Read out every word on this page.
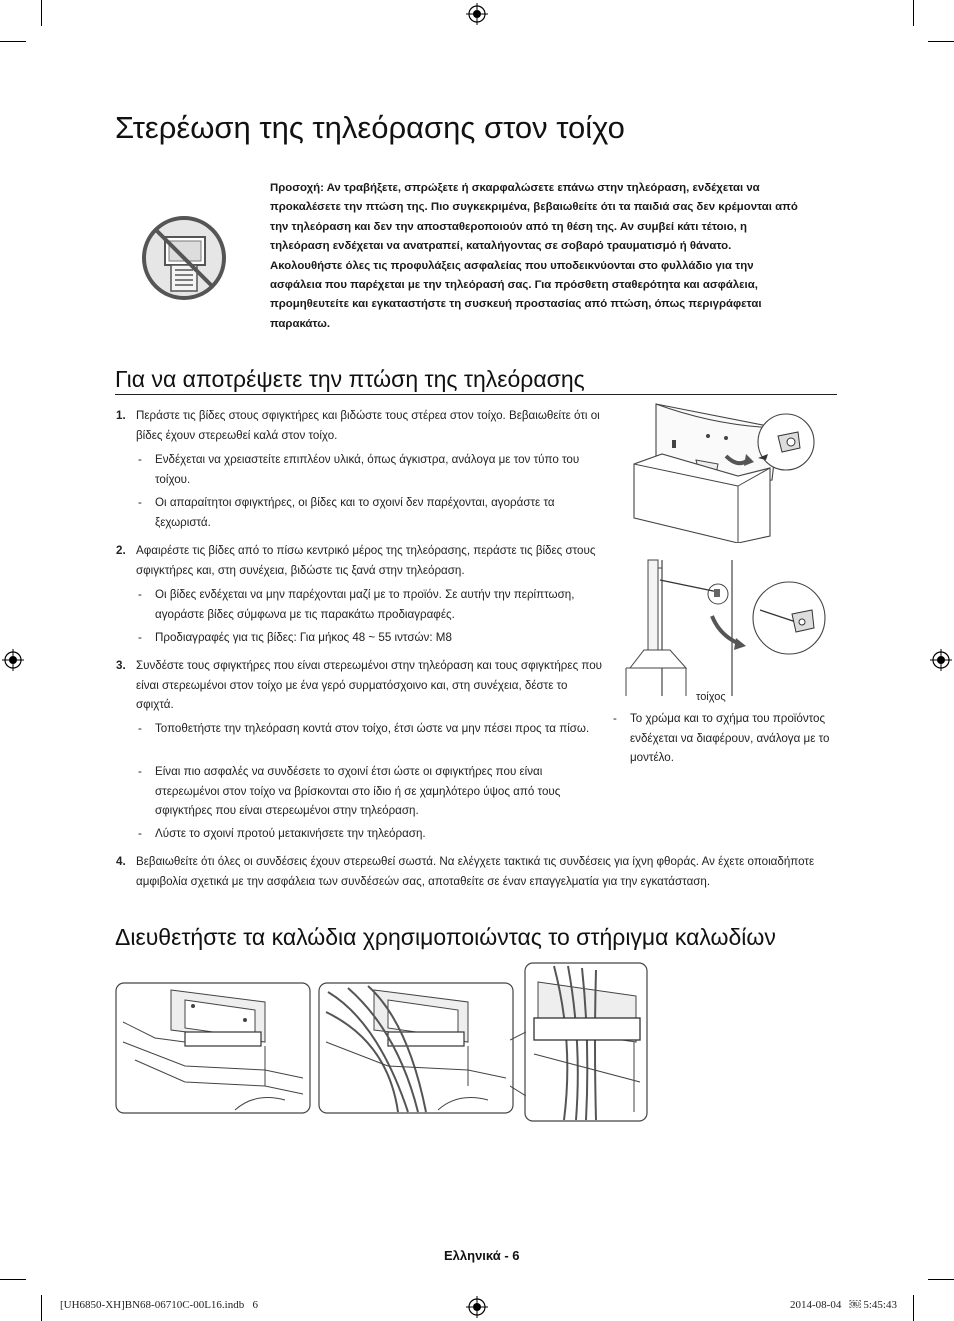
Στερέωση της τηλεόρασης στον τοίχο
Προσοχή: Αν τραβήξετε, σπρώξετε ή σκαρφαλώσετε επάνω στην τηλεόραση, ενδέχεται να προκαλέσετε την πτώση της. Πιο συγκεκριμένα, βεβαιωθείτε ότι τα παιδιά σας δεν κρέμονται από την τηλεόραση και δεν την αποσταθεροποιούν από τη θέση της. Αν συμβεί κάτι τέτοιο, η τηλεόραση ενδέχεται να ανατραπεί, καταλήγοντας σε σοβαρό τραυματισμό ή θάνατο. Ακολουθήστε όλες τις προφυλάξεις ασφαλείας που υποδεικνύονται στο φυλλάδιο για την ασφάλεια που παρέχεται με την τηλεόρασή σας. Για πρόσθετη σταθερότητα και ασφάλεια, προμηθευτείτε και εγκαταστήστε τη συσκευή προστασίας από πτώση, όπως περιγράφεται παρακάτω.
Για να αποτρέψετε την πτώση της τηλεόρασης
1. Περάστε τις βίδες στους σφιγκτήρες και βιδώστε τους στέρεα στον τοίχο. Βεβαιωθείτε ότι οι βίδες έχουν στερεωθεί καλά στον τοίχο.
- Ενδέχεται να χρειαστείτε επιπλέον υλικά, όπως άγκιστρα, ανάλογα με τον τύπο του τοίχου.
- Οι απαραίτητοι σφιγκτήρες, οι βίδες και το σχοινί δεν παρέχονται, αγοράστε τα ξεχωριστά.
2. Αφαιρέστε τις βίδες από το πίσω κεντρικό μέρος της τηλεόρασης, περάστε τις βίδες στους σφιγκτήρες και, στη συνέχεια, βιδώστε τις ξανά στην τηλεόραση.
- Οι βίδες ενδέχεται να μην παρέχονται μαζί με το προϊόν. Σε αυτήν την περίπτωση, αγοράστε βίδες σύμφωνα με τις παρακάτω προδιαγραφές.
- Προδιαγραφές για τις βίδες: Για μήκος 48 ~ 55 ιντσών: M8
3. Συνδέστε τους σφιγκτήρες που είναι στερεωμένοι στην τηλεόραση και τους σφιγκτήρες που είναι στερεωμένοι στον τοίχο με ένα γερό συρματόσχοινο και, στη συνέχεια, δέστε το σφιχτά.
- Τοποθετήστε την τηλεόραση κοντά στον τοίχο, έτσι ώστε να μην πέσει προς τα πίσω.
- Είναι πιο ασφαλές να συνδέσετε το σχοινί έτσι ώστε οι σφιγκτήρες που είναι στερεωμένοι στον τοίχο να βρίσκονται στο ίδιο ή σε χαμηλότερο ύψος από τους σφιγκτήρες που είναι στερεωμένοι στην τηλεόραση.
- Λύστε το σχοινί προτού μετακινήσετε την τηλεόραση.
4. Βεβαιωθείτε ότι όλες οι συνδέσεις έχουν στερεωθεί σωστά. Να ελέγχετε τακτικά τις συνδέσεις για ίχνη φθοράς. Αν έχετε οποιαδήποτε αμφιβολία σχετικά με την ασφάλεια των συνδέσεών σας, αποταθείτε σε έναν επαγγελματία για την εγκατάσταση.
τοίχος
- Το χρώμα και το σχήμα του προϊόντος ενδέχεται να διαφέρουν, ανάλογα με το μοντέλο.
Διευθετήστε τα καλώδια χρησιμοποιώντας το στήριγμα καλωδίων
Ελληνικά - 6
[UH6850-XH]BN68-06710C-00L16.indb   6	2014-08-04   ￼ 5:45:43
